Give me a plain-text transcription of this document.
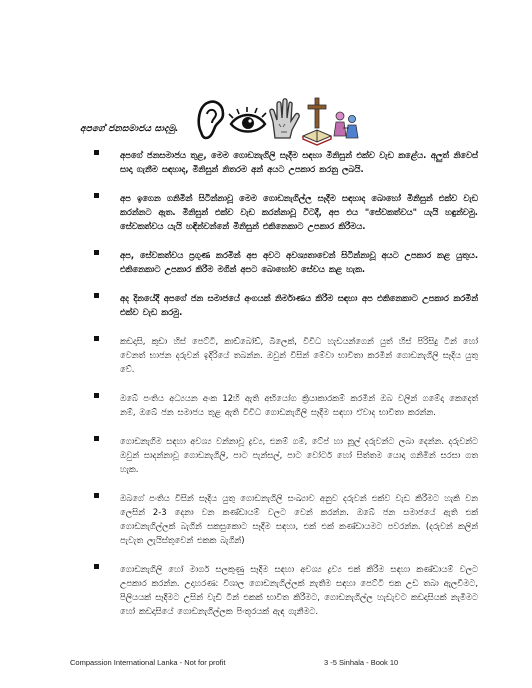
අපගේ ජනසමාජය සාදමු.

අපගේ ජනසමාජය තුළ, මෙම ගොඩනැගිලි සෑදීම සඳහා මිනිසුන් එක්ව වැඩ කළේය. අලුත් නිවෙස් සාදා ගැනීම සඳහාද, මිනිසුන් නිතරම අන් අයට උපකාර කරනු ලබයි.

අප ඉගෙන ගනිමින් සිටින්නාවූ මෙම ගොඩනැගිල්ල සෑදීම සඳහාද බොහෝ මිනිසුන් එක්ව වැඩ කරන්නට ඇත. මිනිසුන් එක්ව වැඩ කරන්නාවූ විටදී, අප එය "සේවකත්වය" යැයි හඳුන්වමු. සේවකත්වය යැයි හඳින්වන්නේ මිනිසුන් එකිනෙකාට උපකාර කිරීමය.

අප, සේවකත්වය ප්‍රගුණ කරමින් අප අවට අවශ්‍යතාවෙන් සිටින්නාවූ අයට උපකාර කළ යුතුය. එකිනෙකාට උපකාර කිරීම මගින් අපට බොහෝව සේවය කළ හැක.

අද දිනයේදී අපගේ ජන සමාජයේ අංගයක් නිර්මාණය කිරීම සඳහා අප එකිනෙකාට උපකාර කරමින් එක්ව වැඩ කරමු.

කඩදාසි, කුඩා හිස් පෙට්ටි, කාඩ්බෝඩ්, බිලෙක්, විවිධ හැඩයන්ගෙන් යුත් හිස් පිරිසිදු ටින් හෝ වෙනත් භාජන දරුවන් ඉදිරියේ තබන්න. ඔවුන් විසින් මේවා භාවිතා කරමින් ගොඩනැගිලි සෑදිය යුතු වේ.

ඔබේ පංතිය අධ්‍යයන අංක 12හි ඇති අභියෝග ක්‍රියාකාරකම් කරමින් ඔබ වලින් ගමේදා කෙදෙත් නම්, ඔබේ ජන සමාජය තුළ ඇති විවිධ ගොඩනැගිලි සෑදීම සඳහා ඒවාද භාවිතා කරන්න.

ගොඩනැගිම සඳහා අවශ්‍ය වන්නාවූ ද්‍රව්‍ය, එනම් ගම්, ටේප් හා නූල් දරුවන්ට ලබා දෙන්න. දරුවන්ට ඔවුන් සාදන්නාවූ ගොඩනැගිලි, පාට පැන්සල්, පාට වෝටර් හෝ සිත්තම යොදා ගනිමින් සරසා ගත හැක.

ඔබගේ පංතිය විසින් සෑදිය යුතු ගොඩනැගිලි සංඛ්‍යාව අනුව දරුවන් එක්ව වැඩ කිරීමට හැකි වන ලෙසින් 2-3 දෙනා වන කණ්ඩායම් වලට වෙන් කරන්න. ඔබේ ජන සමාජයේ ඇති එක් ගොඩනැගිල්ලක් බැගින් සකසුකොට සෑදීම සඳහා, එක් එක් කණ්ඩායමට පවරන්න. (දරුවන් කලින් පැවැත ලැයිස්තුවෙන් එකක බැගින්)

ගොඩනැගිලි හෝ මාර්ග සලකුණු සෑදීම සඳහා අවශ්‍ය ද්‍රව්‍ය එක් කිරීම සඳහා කණ්ඩායම් වලට උපකාර කරන්න. උදාහරණ: විශාල ගොඩනැගිල්ලක් නැතීම සඳහා පෙට්ටි එක උඩ තබා ඇලවීමට, පිලියයක් සෑදීමට උසින් වැඩි ටින් එකක් භාවිත කිරීමට, ගොඩනැගිල්ල හැඩැවට කඩදාසියක් නැමීමට හෝ කඩදාසියේ ගොඩනැගිල්ලක පිංතූරයක් ඇඳ ගැනීමට.

Compassion International Lanka - Not for profit	3 -5 Sinhala - Book 10
